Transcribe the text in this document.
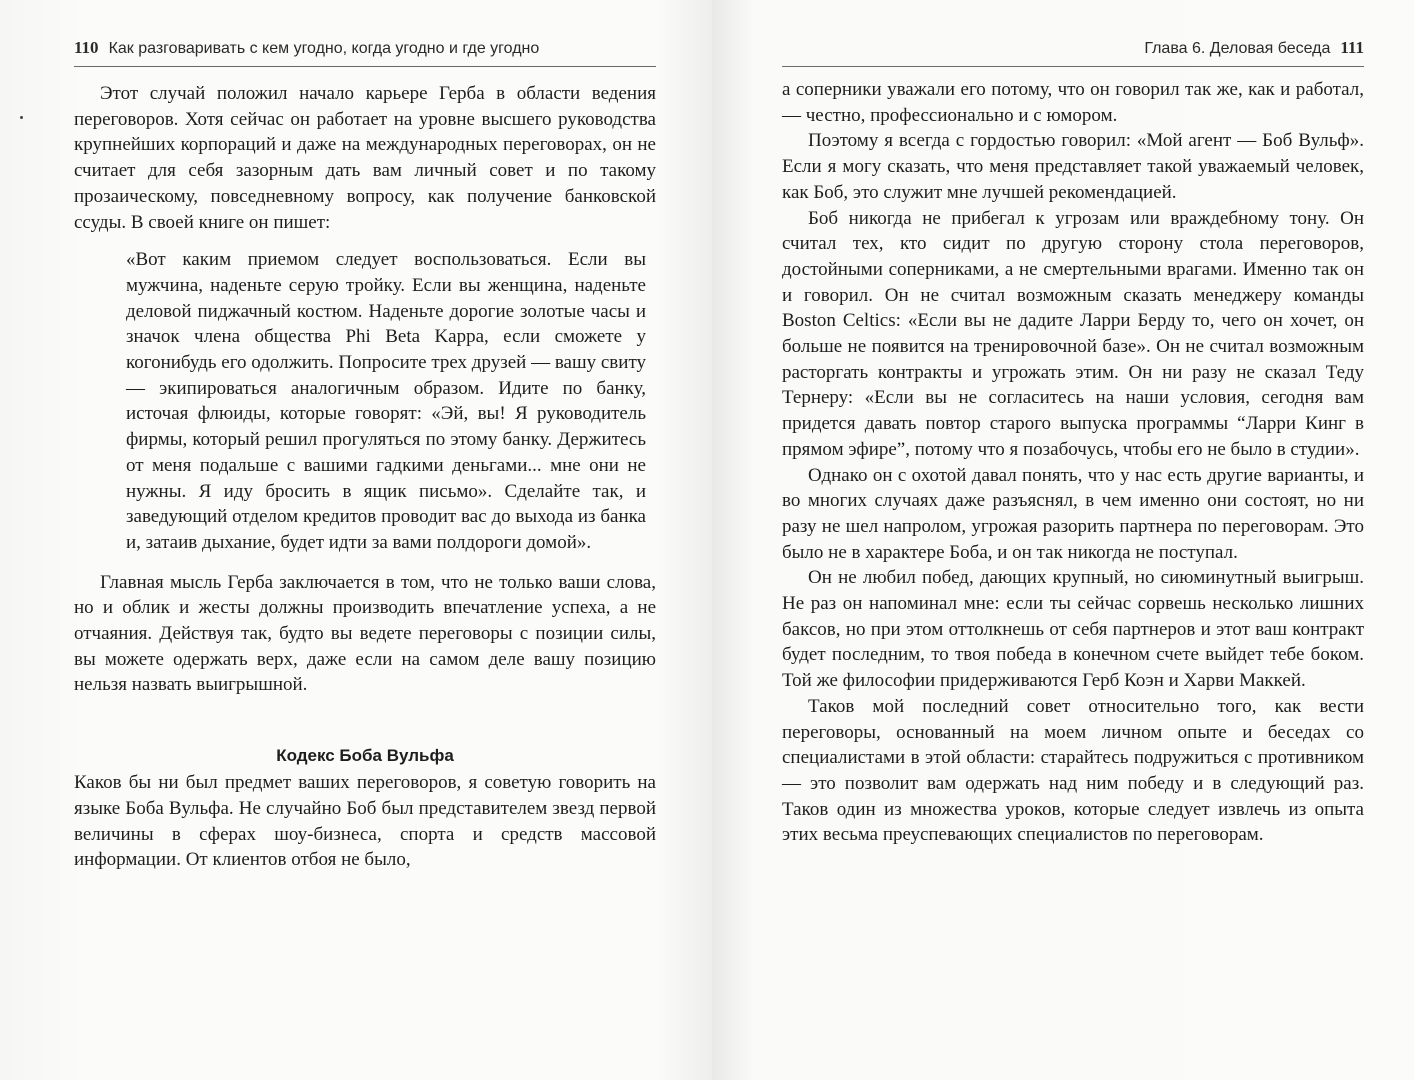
110 Как разговаривать с кем угодно, когда угодно и где угодно

Этот случай положил начало карьере Герба в области ведения переговоров. Хотя сейчас он работает на уровне высшего руководства крупнейших корпораций и даже на международных переговорах, он не считает для себя зазорным дать вам личный совет и по такому прозаическому, повседневному вопросу, как получение банковской ссуды. В своей книге он пишет:

«Вот каким приемом следует воспользоваться. Если вы мужчина, наденьте серую тройку. Если вы женщина, наденьте деловой пиджачный костюм. Наденьте дорогие золотые часы и значок члена общества Phi Beta Kappa, если сможете у когонибудь его одолжить. Попросите трех друзей — вашу свиту — экипироваться аналогичным образом. Идите по банку, источая флюиды, которые говорят: «Эй, вы! Я руководитель фирмы, который решил прогуляться по этому банку. Держитесь от меня подальше с вашими гадкими деньгами... мне они не нужны. Я иду бросить в ящик письмо». Сделайте так, и заведующий отделом кредитов проводит вас до выхода из банка и, затаив дыхание, будет идти за вами полдороги домой».

Главная мысль Герба заключается в том, что не только ваши слова, но и облик и жесты должны производить впечатление успеха, а не отчаяния. Действуя так, будто вы ведете переговоры с позиции силы, вы можете одержать верх, даже если на самом деле вашу позицию нельзя назвать выигрышной.

Кодекс Боба Вульфа

Каков бы ни был предмет ваших переговоров, я советую говорить на языке Боба Вульфа. Не случайно Боб был представителем звезд первой величины в сферах шоу-бизнеса, спорта и средств массовой информации. От клиентов отбоя не было,

Глава 6. Деловая беседа 111

а соперники уважали его потому, что он говорил так же, как и работал, — честно, профессионально и с юмором.

Поэтому я всегда с гордостью говорил: «Мой агент — Боб Вульф». Если я могу сказать, что меня представляет такой уважаемый человек, как Боб, это служит мне лучшей рекомендацией.

Боб никогда не прибегал к угрозам или враждебному тону. Он считал тех, кто сидит по другую сторону стола переговоров, достойными соперниками, а не смертельными врагами. Именно так он и говорил. Он не считал возможным сказать менеджеру команды Boston Celtics: «Если вы не дадите Ларри Берду то, чего он хочет, он больше не появится на тренировочной базе». Он не считал возможным расторгать контракты и угрожать этим. Он ни разу не сказал Теду Тернеру: «Если вы не согласитесь на наши условия, сегодня вам придется давать повтор старого выпуска программы “Ларри Кинг в прямом эфире”, потому что я позабочусь, чтобы его не было в студии».

Однако он с охотой давал понять, что у нас есть другие варианты, и во многих случаях даже разъяснял, в чем именно они состоят, но ни разу не шел напролом, угрожая разорить партнера по переговорам. Это было не в характере Боба, и он так никогда не поступал.

Он не любил побед, дающих крупный, но сиюминутный выигрыш. Не раз он напоминал мне: если ты сейчас сорвешь несколько лишних баксов, но при этом оттолкнешь от себя партнеров и этот ваш контракт будет последним, то твоя победа в конечном счете выйдет тебе боком. Той же философии придерживаются Герб Коэн и Харви Маккей.

Таков мой последний совет относительно того, как вести переговоры, основанный на моем личном опыте и беседах со специалистами в этой области: старайтесь подружиться с противником — это позволит вам одержать над ним победу и в следующий раз. Таков один из множества уроков, которые следует извлечь из опыта этих весьма преуспевающих специалистов по переговорам.
